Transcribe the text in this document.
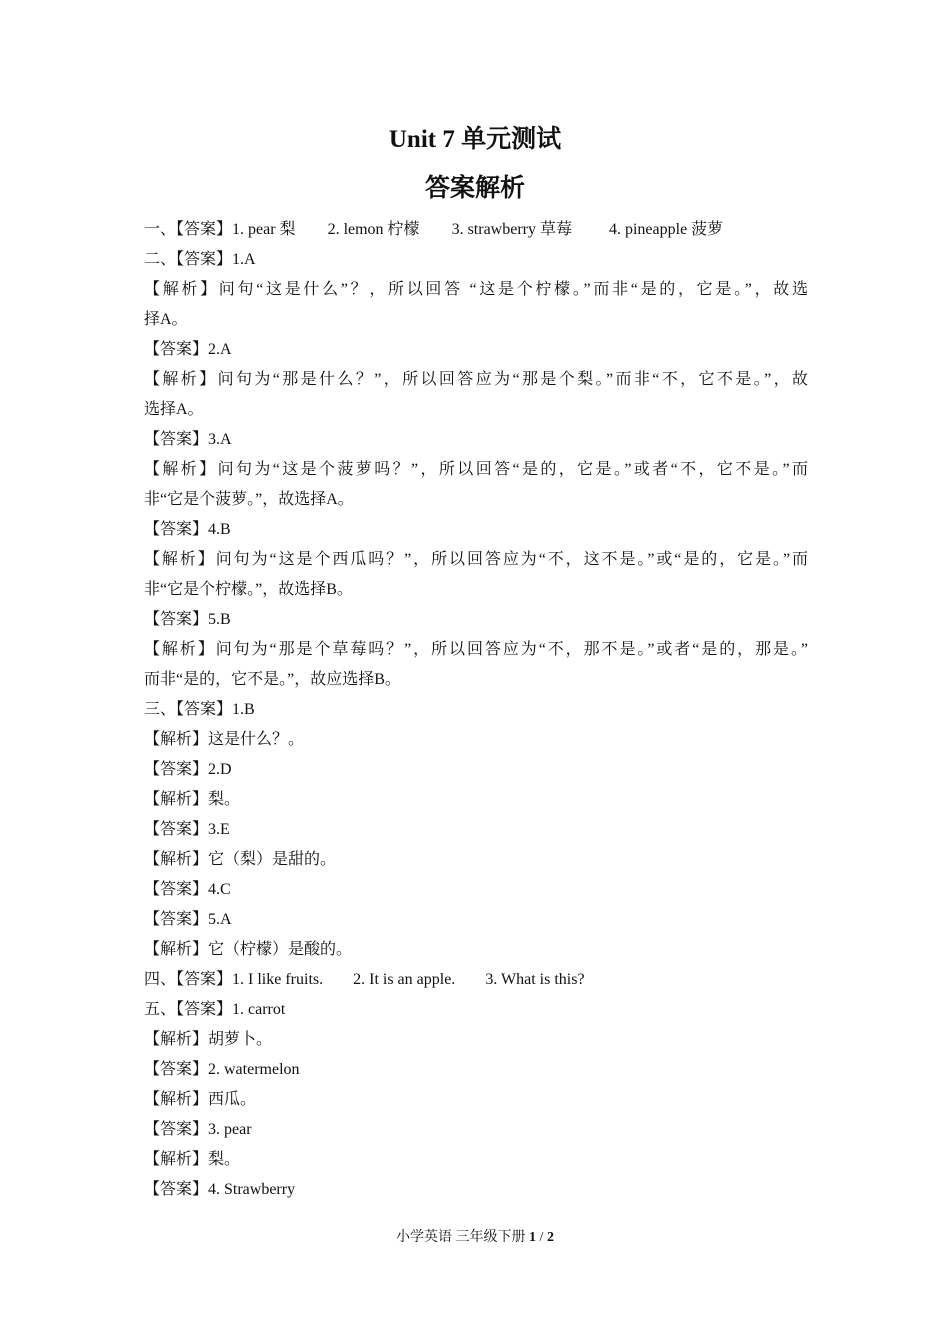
Unit 7 单元测试
答案解析
一、【答案】1. pear 梨 2. lemon 柠檬 3. strawberry 草莓 4. pineapple 菠萝
二、【答案】1.A
【解析】问句“这是什么”？，所以回答 “这是个柠檬。”而非“是的，它是。”，故选
择A。
【答案】2.A
【解析】问句为“那是什么？”，所以回答应为“那是个梨。”而非“不，它不是。”，故
选择A。
【答案】3.A
【解析】问句为“这是个菠萝吗？”，所以回答“是的，它是。”或者“不，它不是。”而
非“它是个菠萝。”，故选择A。
【答案】4.B
【解析】问句为“这是个西瓜吗？”，所以回答应为“不，这不是。”或“是的，它是。”而
非“它是个柠檬。”，故选择B。
【答案】5.B
【解析】问句为“那是个草莓吗？”，所以回答应为“不，那不是。”或者“是的，那是。”
而非“是的，它不是。”，故应选择B。
三、【答案】1.B
【解析】这是什么？。
【答案】2.D
【解析】梨。
【答案】3.E
【解析】它（梨）是甜的。
【答案】4.C
【答案】5.A
【解析】它（柠檬）是酸的。
四、【答案】1. I like fruits. 2. It is an apple. 3. What is this?
五、【答案】1. carrot
【解析】胡萝卜。
【答案】2. watermelon
【解析】西瓜。
【答案】3. pear
【解析】梨。
【答案】4. Strawberry
小学英语 三年级下册 1 / 2
